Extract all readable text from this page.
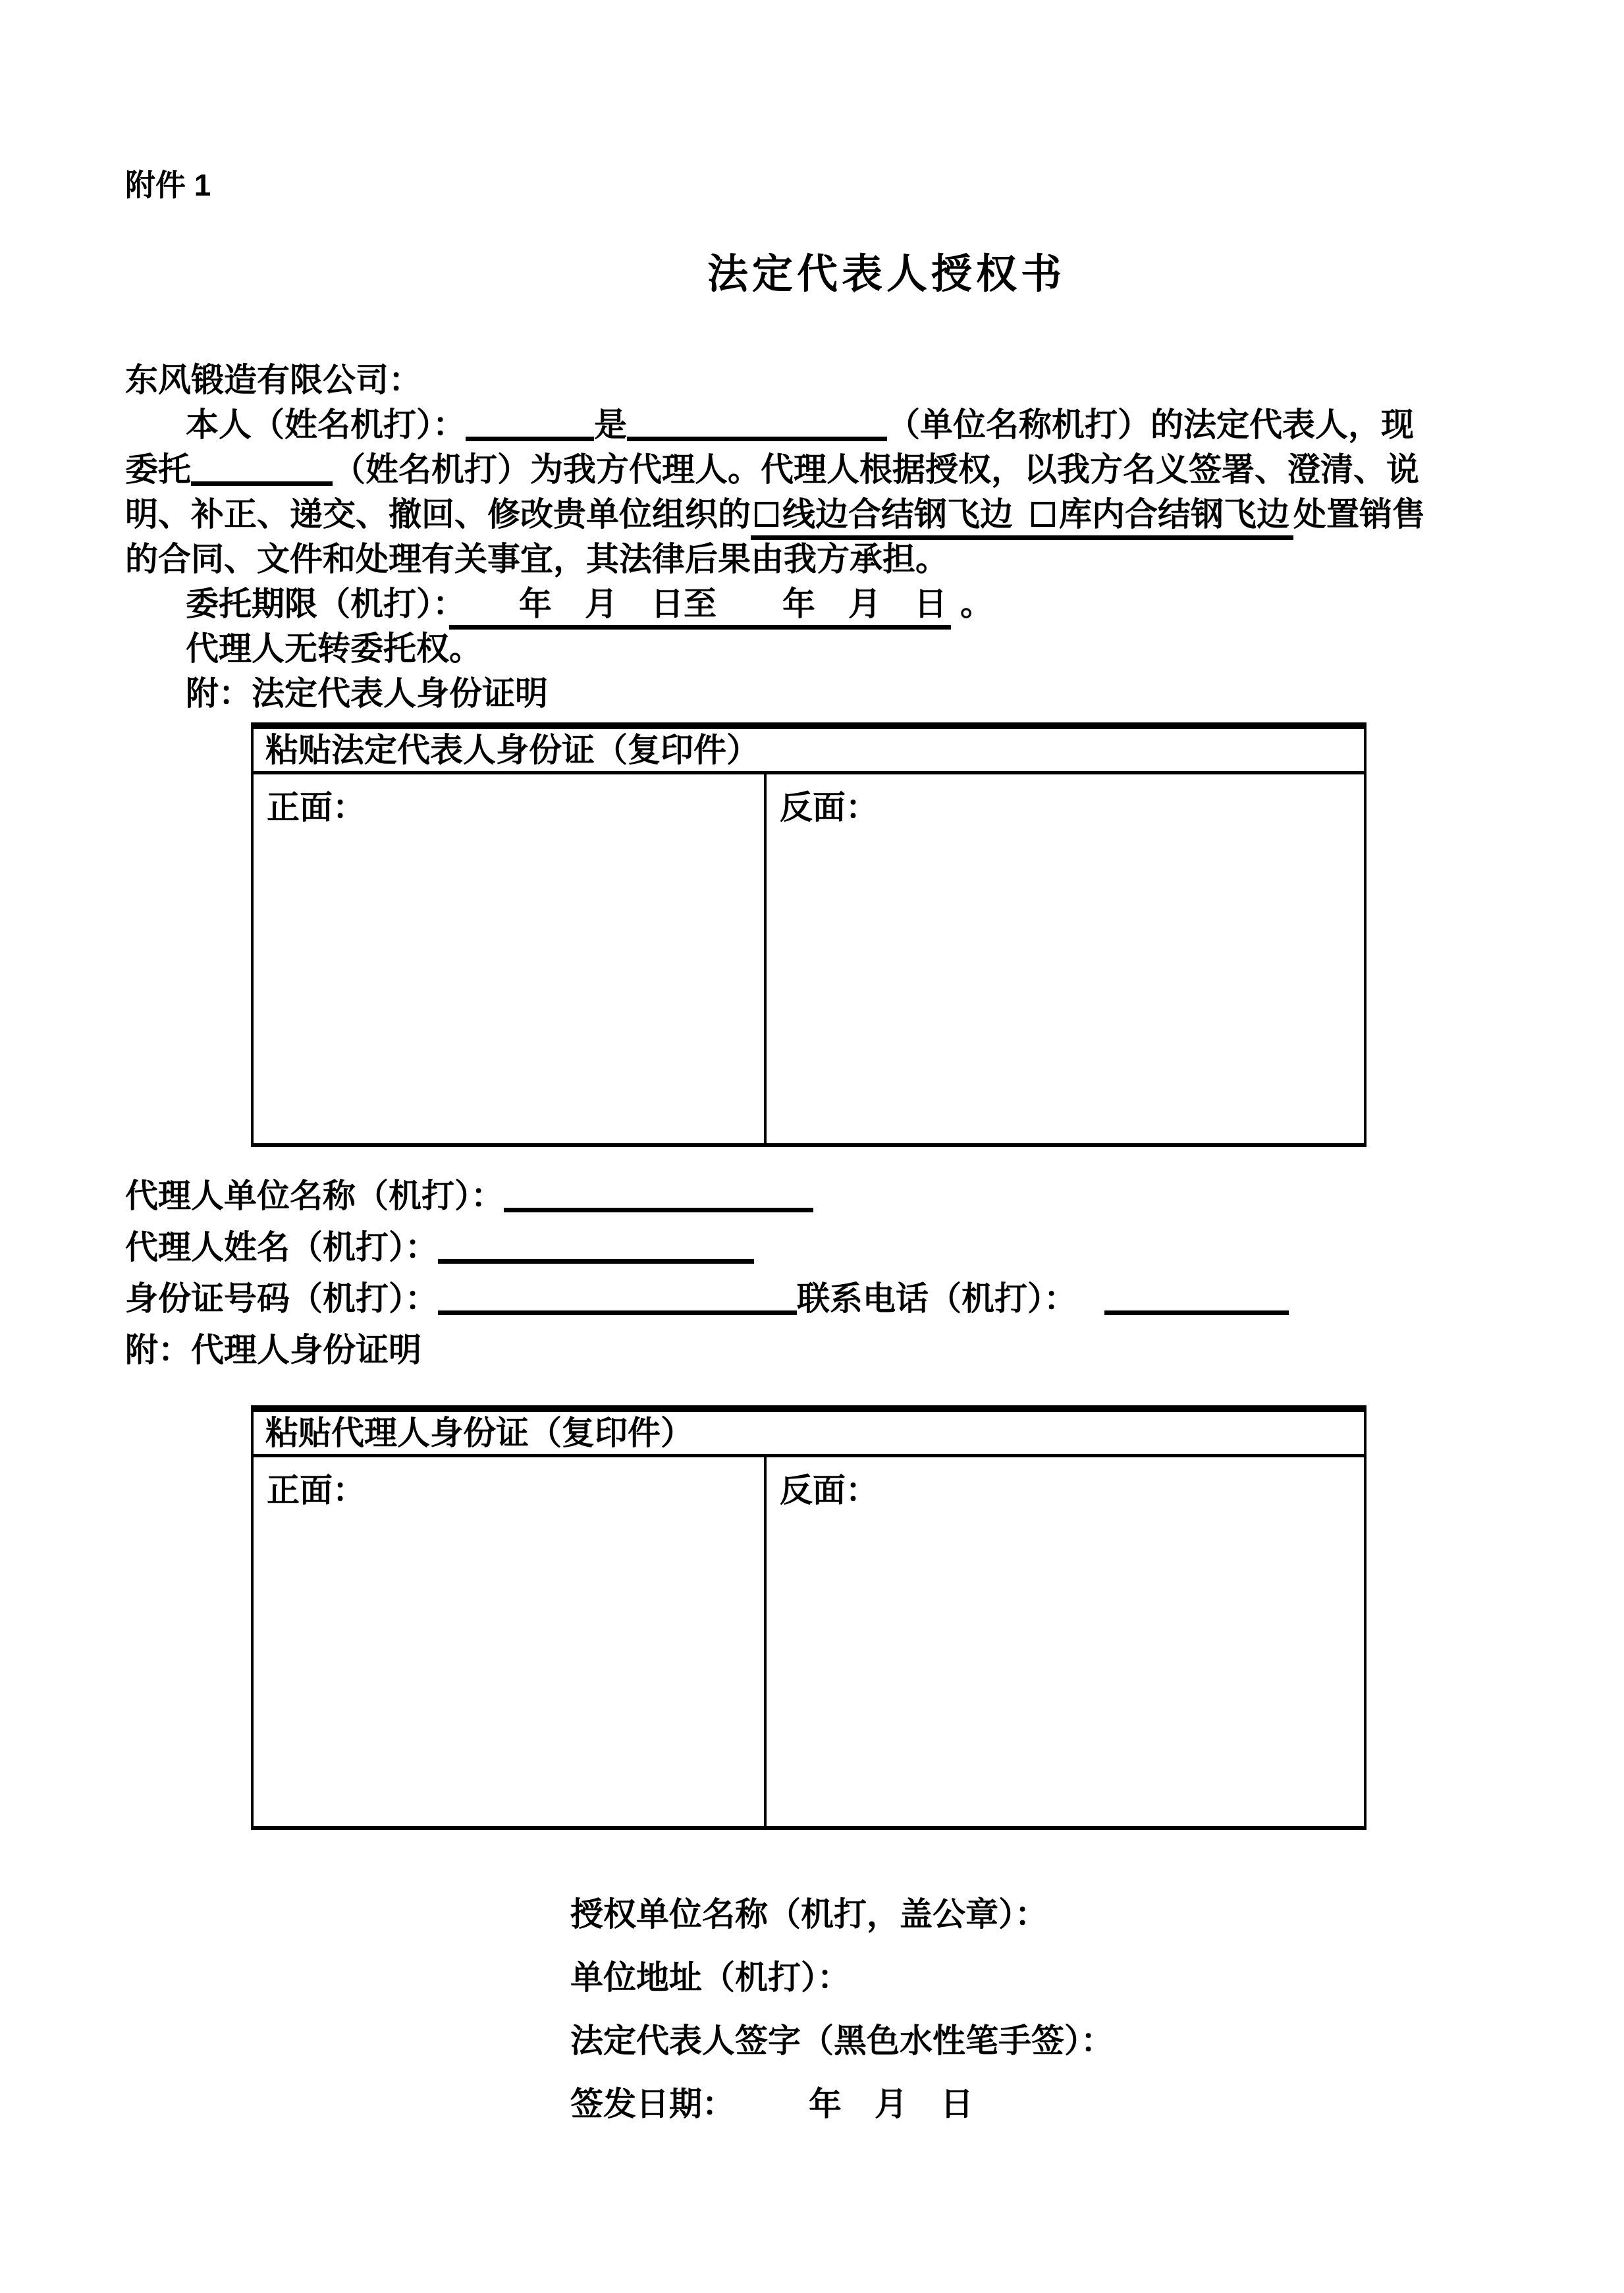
附件 1
法定代表人授权书
东风锻造有限公司：
本人（姓名机打）：	是	（单位名称机打）的法定代表人，现
委托	（姓名机打）为我方代理人。代理人根据授权，以我方名义签署、澄清、说
明、补正、递交、撤回、修改贵单位组织的 线边合结钢飞边 库内合结钢飞边 处置销售
的合同、文件和处理有关事宜，其法律后果由我方承担。
委托期限（机打）：　　年　月　日至　　年　月　日 。
代理人无转委托权。
附：法定代表人身份证明
粘贴法定代表人身份证（复印件）
正面：	反面：
代理人单位名称（机打）：
代理人姓名（机打）：
身份证号码（机打）：	联系电话（机打）：
附：代理人身份证明
粘贴代理人身份证（复印件）
正面：	反面：
授权单位名称（机打，盖公章）：
单位地址（机打）：
法定代表人签字（黑色水性笔手签）：
签发日期： 年　月　日
